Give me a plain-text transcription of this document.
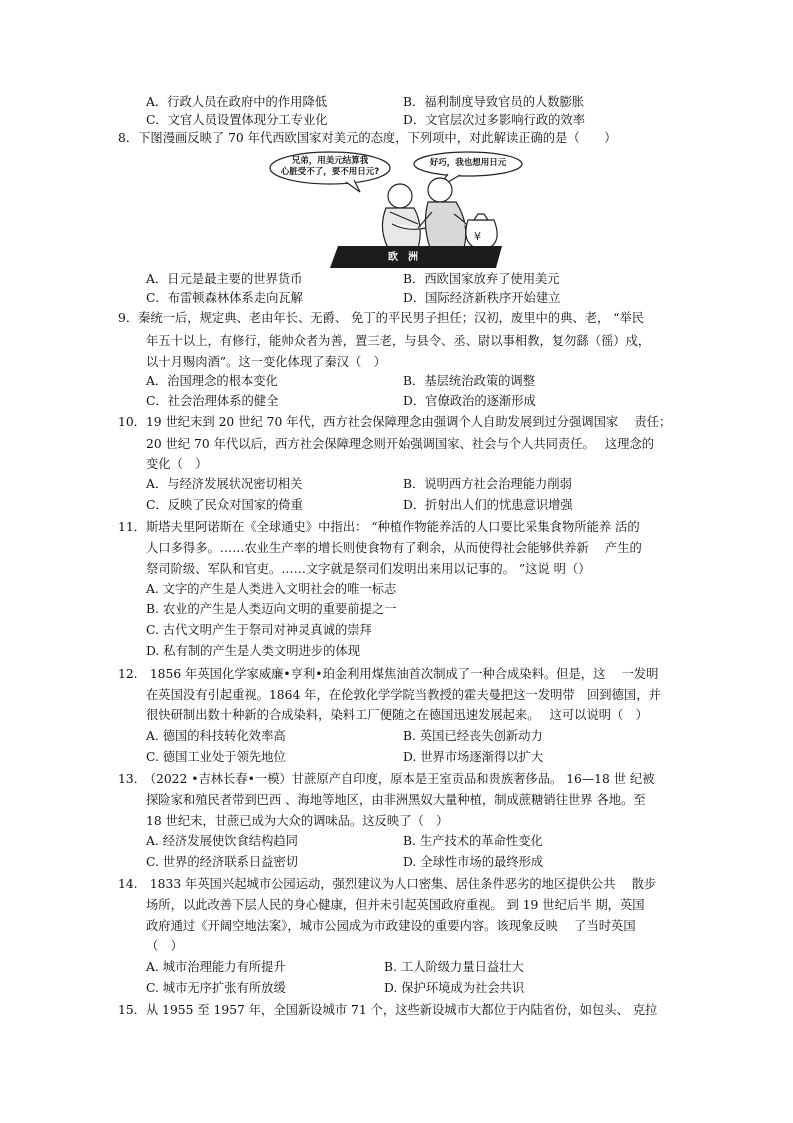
A．行政人员在政府中的作用降低	B．福利制度导致官员的人数膨胀
C．文官人员设置体现分工专业化	D．文官层次过多影响行政的效率
8．下图漫画反映了 70 年代西欧国家对美元的态度，下列项中，对此解读正确的是（　　）
¥
兄弟，用美元结算我
心脏受不了，要不用日元?
好巧，我也想用日元
欧　洲
A．日元是最主要的世界货币	B．西欧国家放弃了使用美元
C．布雷顿森林体系走向瓦解	D．国际经济新秩序开始建立
9．秦统一后，规定典、老由年长、无爵、 免丁的平民男子担任；汉初，废里中的典、老， “举民
年五十以上，有修行，能帅众者为善，置三老，与县令、丞、尉以事相教，复勿繇（徭）戍，
以十月赐肉酒”。这一变化体现了秦汉（　）
A．治国理念的根本变化	B．基层统治政策的调整
C．社会治理体系的健全	D．官僚政治的逐渐形成
10．19 世纪末到 20 世纪 70 年代，西方社会保障理念由强调个人自助发展到过分强调国家　 责任；
20 世纪 70 年代以后，西方社会保障理念则开始强调国家、社会与个人共同责任。　 这理念的
变化（　）
A．与经济发展状况密切相关	B．说明西方社会治理能力削弱
C．反映了民众对国家的倚重	D．折射出人们的忧患意识增强
11．斯塔夫里阿诺斯在《全球通史》中指出： “种植作物能养活的人口要比采集食物所能养 活的
人口多得多。……农业生产率的增长则使食物有了剩余，从而使得社会能够供养新　 产生的
祭司阶级、军队和官吏。……文字就是祭司们发明出来用以记事的。 ”这说 明（）
A. 文字的产生是人类进入文明社会的唯一标志
B. 农业的产生是人类迈向文明的重要前提之一
C. 古代文明产生于祭司对神灵真诚的崇拜
D. 私有制的产生是人类文明进步的体现
12.　1856 年英国化学家威廉•亨利•珀金利用煤焦油首次制成了一种合成染料。但是，这　 一发明
在英国没有引起重视。1864 年，在伦敦化学学院当教授的霍夫曼把这一发明带　回到德国，并
很快研制出数十种新的合成染料，染料工厂便随之在德国迅速发展起来。　 这可以说明（　）
A. 德国的科技转化效率高	B. 英国已经丧失创新动力
C. 德国工业处于领先地位	D. 世界市场逐渐得以扩大
13.　（2022 •吉林长春•一模）甘蔗原产自印度，原本是王室贡品和贵族奢侈品。 16—18 世 纪被
探险家和殖民者带到巴西 、海地等地区，由非洲黑奴大量种植，制成蔗糖销往世界 各地。至
18 世纪末，甘蔗已成为大众的调味品。这反映了（　）
A. 经济发展使饮食结构趋同	B. 生产技术的革命性变化
C. 世界的经济联系日益密切	D. 全球性市场的最终形成
14.　1833 年英国兴起城市公园运动，强烈建议为人口密集、居住条件恶劣的地区提供公共　 散步
场所，以此改善下层人民的身心健康，但并未引起英国政府重视。 到 19 世纪后半 期，英国
政府通过《开阔空地法案》，城市公园成为市政建设的重要内容。该现象反映　 了当时英国
（　）
A. 城市治理能力有所提升	B. 工人阶级力量日益壮大
C. 城市无序扩张有所放缓	D. 保护环境成为社会共识
15．从 1955 至 1957 年，全国新设城市 71 个，这些新设城市大都位于内陆省份，如包头、 克拉
